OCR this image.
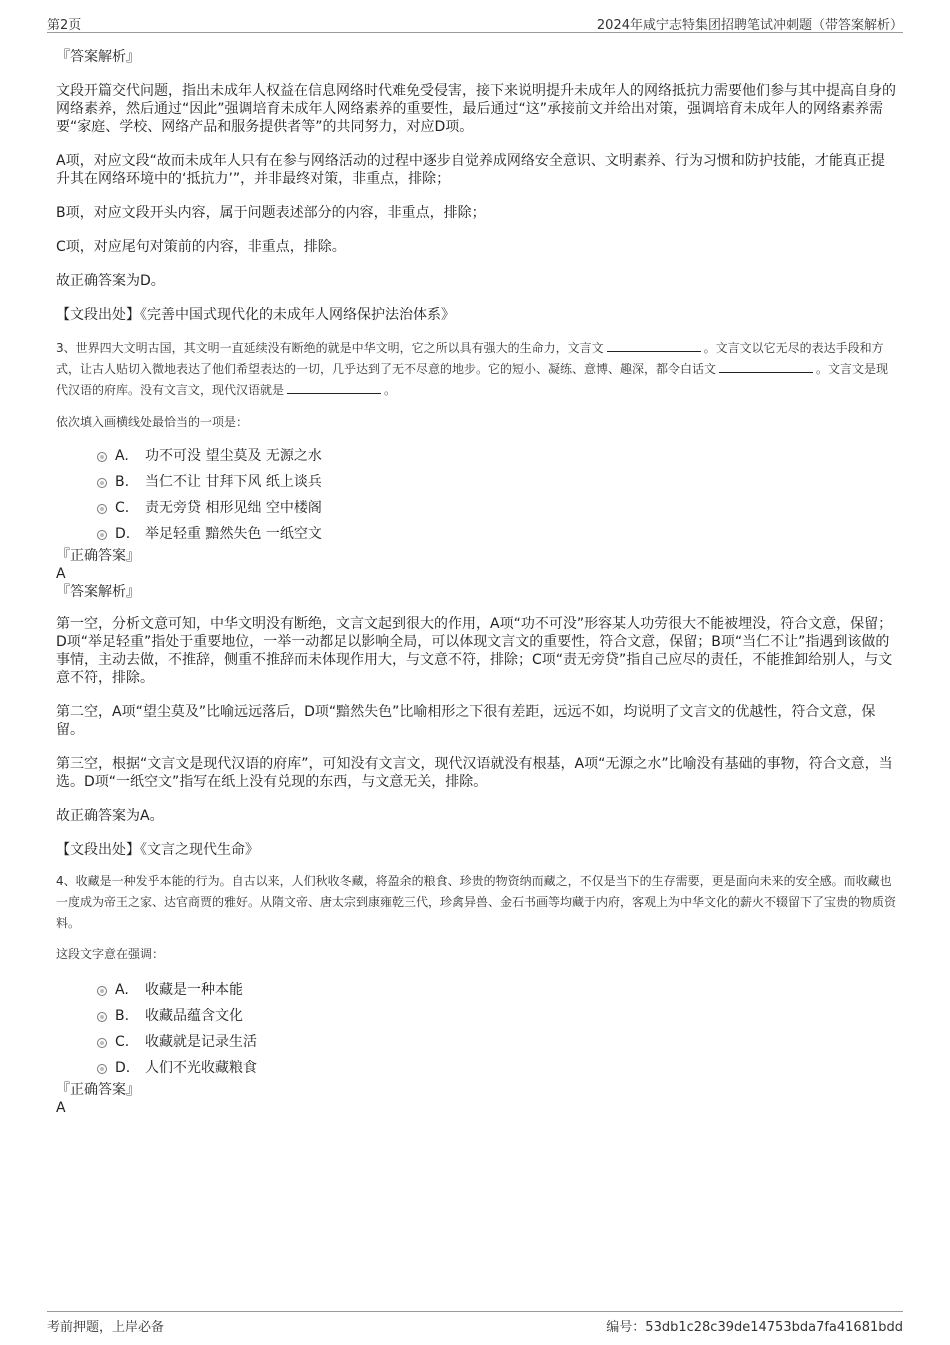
第2页	2024年咸宁志特集团招聘笔试冲刺题（带答案解析）

『答案解析』

文段开篇交代问题，指出未成年人权益在信息网络时代难免受侵害，接下来说明提升未成年人的网络抵抗力需要他们参与其中提高自身的网络素养，然后通过“因此”强调培育未成年人网络素养的重要性，最后通过“这”承接前文并给出对策，强调培育未成年人的网络素养需要“家庭、学校、网络产品和服务提供者等”的共同努力，对应D项。

A项，对应文段“故而未成年人只有在参与网络活动的过程中逐步自觉养成网络安全意识、文明素养、行为习惯和防护技能，才能真正提升其在网络环境中的‘抵抗力’”，并非最终对策，非重点，排除；

B项，对应文段开头内容，属于问题表述部分的内容，非重点，排除；

C项，对应尾句对策前的内容，非重点，排除。

故正确答案为D。

【文段出处】《完善中国式现代化的未成年人网络保护法治体系》

3、世界四大文明古国，其文明一直延续没有断绝的就是中华文明，它之所以具有强大的生命力，文言文	。文言文以它无尽的表达手段和方式，让古人贴切入微地表达了他们希望表达的一切，几乎达到了无不尽意的地步。它的短小、凝练、意博、趣深，都令白话文	。文言文是现代汉语的府库。没有文言文，现代汉语就是	。

依次填入画横线处最恰当的一项是：

A. 功不可没 望尘莫及 无源之水
B. 当仁不让 甘拜下风 纸上谈兵
C. 责无旁贷 相形见绌 空中楼阁
D. 举足轻重 黯然失色 一纸空文

『正确答案』

A

『答案解析』

第一空，分析文意可知，中华文明没有断绝，文言文起到很大的作用，A项“功不可没”形容某人功劳很大不能被埋没，符合文意，保留；D项“举足轻重”指处于重要地位，一举一动都足以影响全局，可以体现文言文的重要性，符合文意，保留；B项“当仁不让”指遇到该做的事情，主动去做，不推辞，侧重不推辞而未体现作用大，与文意不符，排除；C项“责无旁贷”指自己应尽的责任，不能推卸给别人，与文意不符，排除。

第二空，A项“望尘莫及”比喻远远落后，D项“黯然失色”比喻相形之下很有差距，远远不如，均说明了文言文的优越性，符合文意，保留。

第三空，根据“文言文是现代汉语的府库”，可知没有文言文，现代汉语就没有根基，A项“无源之水”比喻没有基础的事物，符合文意，当选。D项“一纸空文”指写在纸上没有兑现的东西，与文意无关，排除。

故正确答案为A。

【文段出处】《文言之现代生命》

4、收藏是一种发乎本能的行为。自古以来，人们秋收冬藏，将盈余的粮食、珍贵的物资纳而藏之，不仅是当下的生存需要，更是面向未来的安全感。而收藏也一度成为帝王之家、达官商贾的雅好。从隋文帝、唐太宗到康雍乾三代，珍禽异兽、金石书画等均藏于内府，客观上为中华文化的薪火不辍留下了宝贵的物质资料。

这段文字意在强调：

A. 收藏是一种本能
B. 收藏品蕴含文化
C. 收藏就是记录生活
D. 人们不光收藏粮食

『正确答案』

A

考前押题，上岸必备	编号：53db1c28c39de14753bda7fa41681bdd
